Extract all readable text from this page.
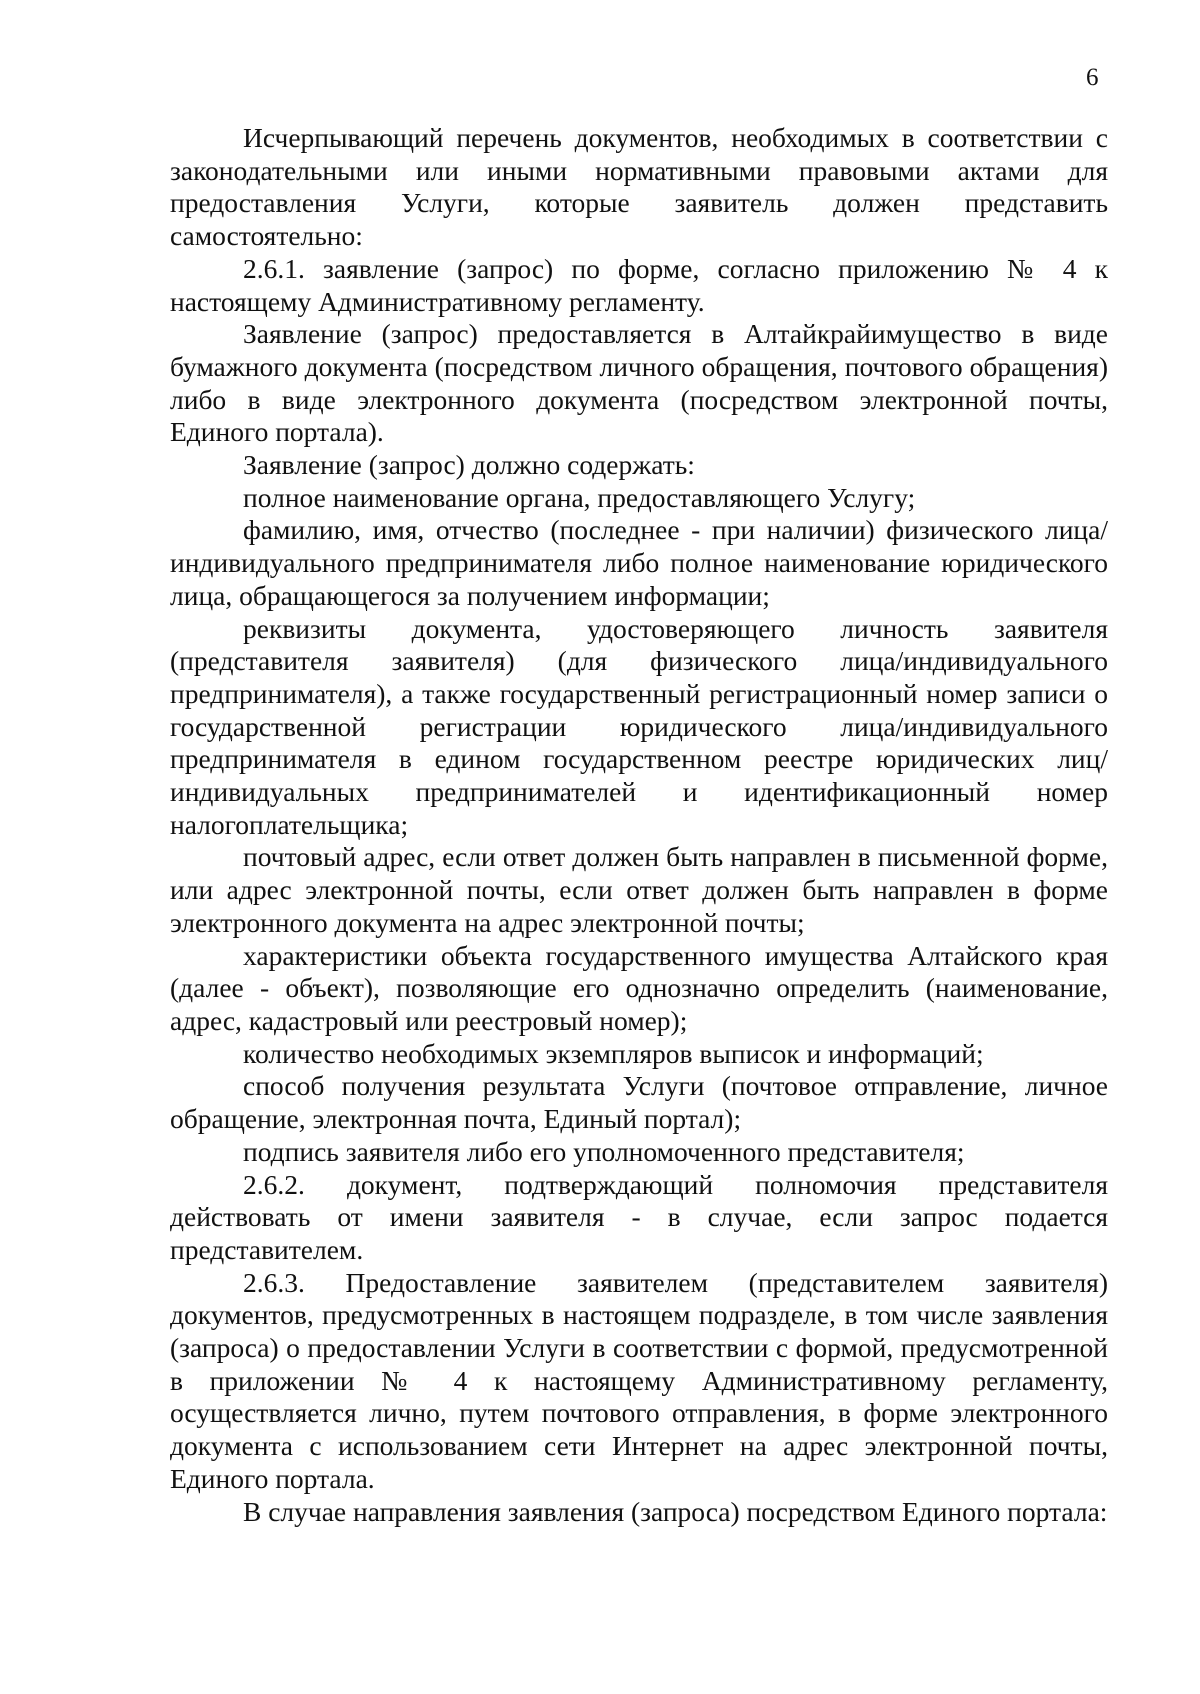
6

Исчерпывающий перечень документов, необходимых в соответствии с законодательными или иными нормативными правовыми актами для предоставления Услуги, которые заявитель должен представить самостоятельно:

2.6.1. заявление (запрос) по форме, согласно приложению № 4 к настоящему Административному регламенту.

Заявление (запрос) предоставляется в Алтайкрайимущество в виде бумажного документа (посредством личного обращения, почтового обращения) либо в виде электронного документа (посредством электронной почты, Единого портала).

Заявление (запрос) должно содержать:

полное наименование органа, предоставляющего Услугу;

фамилию, имя, отчество (последнее - при наличии) физического лица/индивидуального предпринимателя либо полное наименование юридического лица, обращающегося за получением информации;

реквизиты документа, удостоверяющего личность заявителя (представителя заявителя) (для физического лица/индивидуального предпринимателя), а также государственный регистрационный номер записи о государственной регистрации юридического лица/индивидуального предпринимателя в едином государственном реестре юридических лиц/индивидуальных предпринимателей и идентификационный номер налогоплательщика;

почтовый адрес, если ответ должен быть направлен в письменной форме, или адрес электронной почты, если ответ должен быть направлен в форме электронного документа на адрес электронной почты;

характеристики объекта государственного имущества Алтайского края (далее - объект), позволяющие его однозначно определить (наименование, адрес, кадастровый или реестровый номер);

количество необходимых экземпляров выписок и информаций;

способ получения результата Услуги (почтовое отправление, личное обращение, электронная почта, Единый портал);

подпись заявителя либо его уполномоченного представителя;

2.6.2. документ, подтверждающий полномочия представителя действовать от имени заявителя - в случае, если запрос подается представителем.

2.6.3. Предоставление заявителем (представителем заявителя) документов, предусмотренных в настоящем подразделе, в том числе заявления (запроса) о предоставлении Услуги в соответствии с формой, предусмотренной в приложении № 4 к настоящему Административному регламенту, осуществляется лично, путем почтового отправления, в форме электронного документа с использованием сети Интернет на адрес электронной почты, Единого портала.

В случае направления заявления (запроса) посредством Единого портала:
